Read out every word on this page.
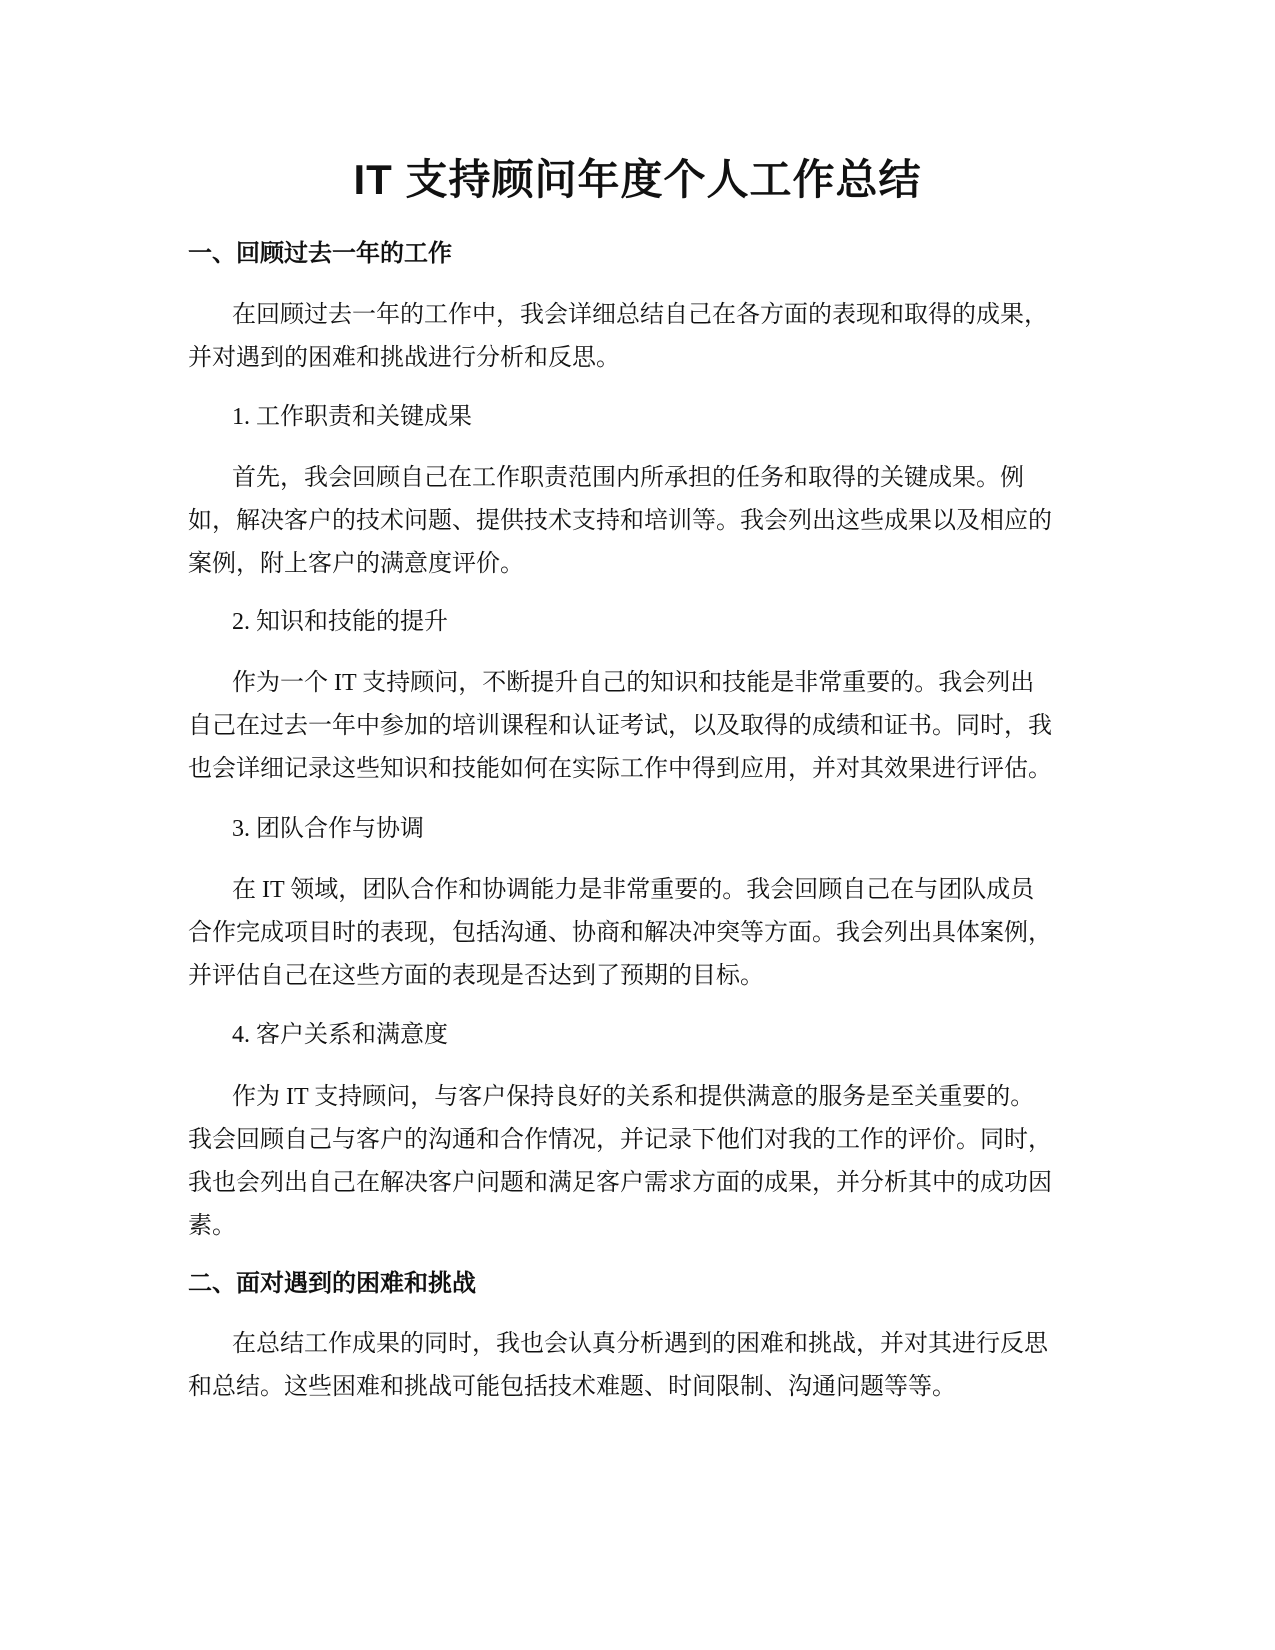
IT 支持顾问年度个人工作总结
一、回顾过去一年的工作

在回顾过去一年的工作中，我会详细总结自己在各方面的表现和取得的成果，
并对遇到的困难和挑战进行分析和反思。

1. 工作职责和关键成果

首先，我会回顾自己在工作职责范围内所承担的任务和取得的关键成果。例
如，解决客户的技术问题、提供技术支持和培训等。我会列出这些成果以及相应的
案例，附上客户的满意度评价。

2. 知识和技能的提升

作为一个 IT 支持顾问，不断提升自己的知识和技能是非常重要的。我会列出
自己在过去一年中参加的培训课程和认证考试，以及取得的成绩和证书。同时，我
也会详细记录这些知识和技能如何在实际工作中得到应用，并对其效果进行评估。

3. 团队合作与协调

在 IT 领域，团队合作和协调能力是非常重要的。我会回顾自己在与团队成员
合作完成项目时的表现，包括沟通、协商和解决冲突等方面。我会列出具体案例，
并评估自己在这些方面的表现是否达到了预期的目标。

4. 客户关系和满意度

作为 IT 支持顾问，与客户保持良好的关系和提供满意的服务是至关重要的。
我会回顾自己与客户的沟通和合作情况，并记录下他们对我的工作的评价。同时，
我也会列出自己在解决客户问题和满足客户需求方面的成果，并分析其中的成功因
素。

二、面对遇到的困难和挑战

在总结工作成果的同时，我也会认真分析遇到的困难和挑战，并对其进行反思
和总结。这些困难和挑战可能包括技术难题、时间限制、沟通问题等等。
